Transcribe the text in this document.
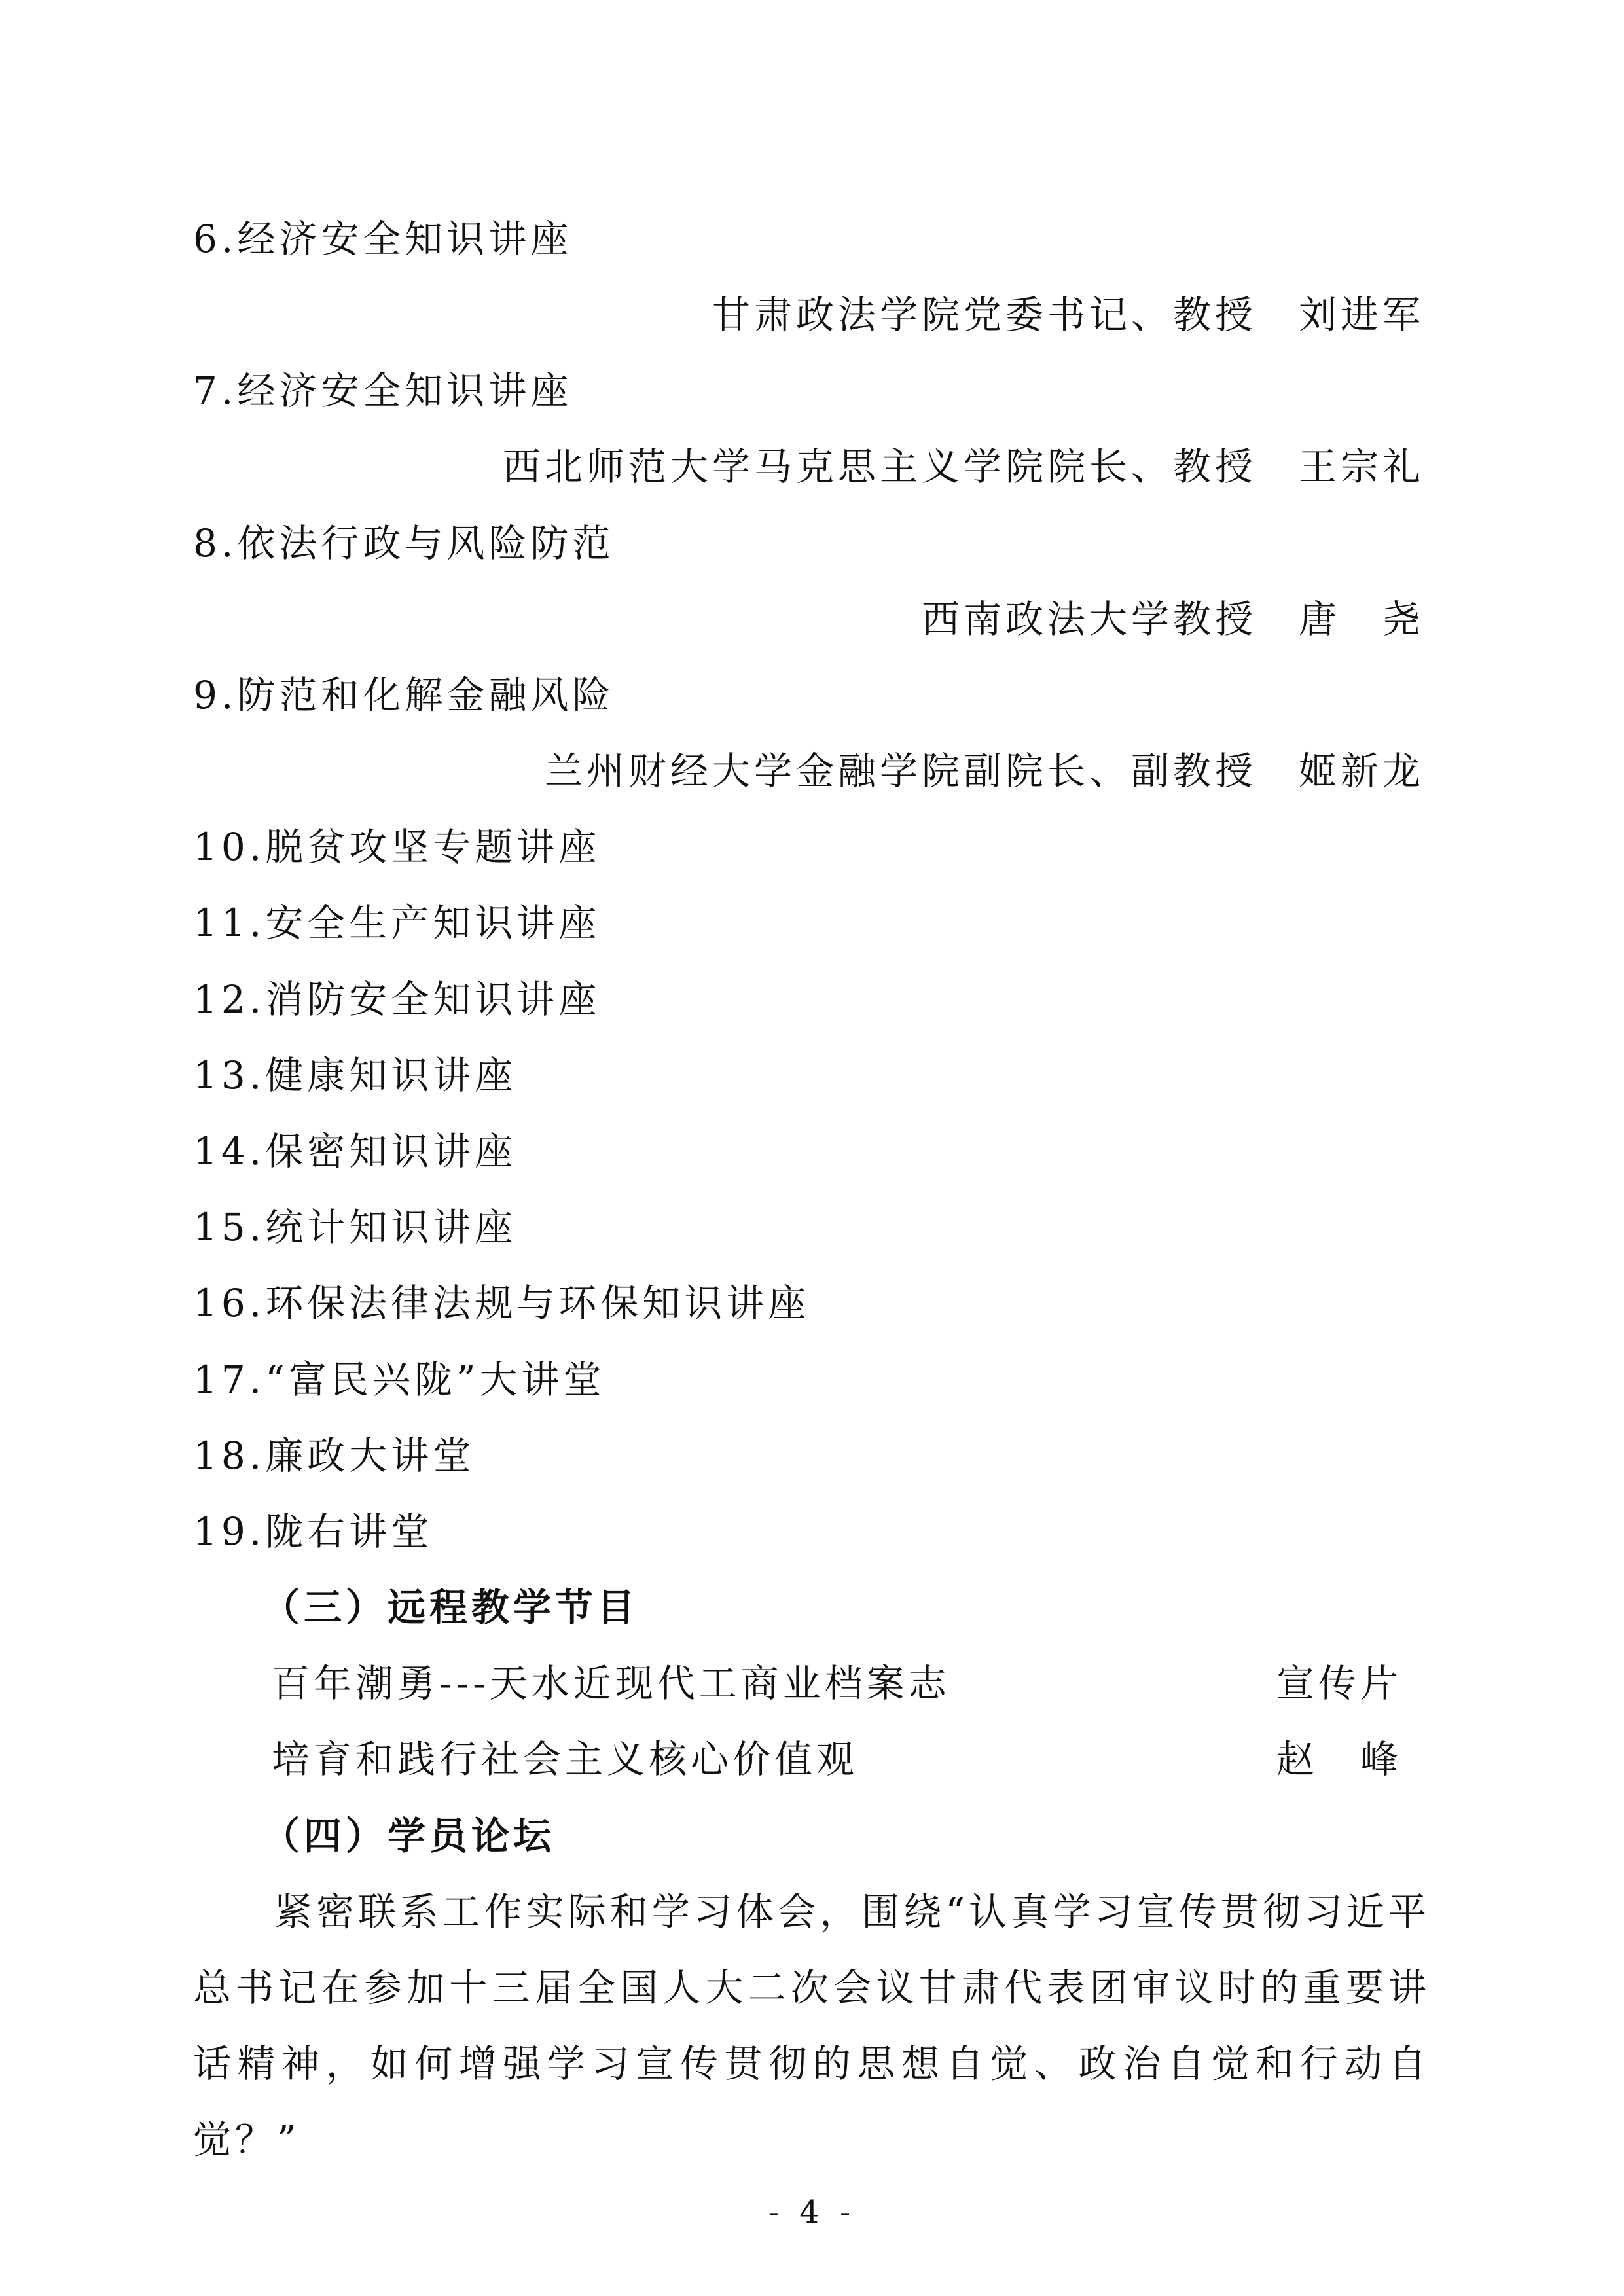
6.经济安全知识讲座
甘肃政法学院党委书记、教授　刘进军
7.经济安全知识讲座
西北师范大学马克思主义学院院长、教授　王宗礼
8.依法行政与风险防范
西南政法大学教授　唐　尧
9.防范和化解金融风险
兰州财经大学金融学院副院长、副教授　姬新龙
10.脱贫攻坚专题讲座
11.安全生产知识讲座
12.消防安全知识讲座
13.健康知识讲座
14.保密知识讲座
15.统计知识讲座
16.环保法律法规与环保知识讲座
17.“富民兴陇”大讲堂
18.廉政大讲堂
19.陇右讲堂
（三）远程教学节目
百年潮勇---天水近现代工商业档案志	宣传片
培育和践行社会主义核心价值观	赵　峰
（四）学员论坛
紧密联系工作实际和学习体会，围绕“认真学习宣传贯彻习近平总书记在参加十三届全国人大二次会议甘肃代表团审议时的重要讲话精神，如何增强学习宣传贯彻的思想自觉、政治自觉和行动自觉？”
- 4 -
